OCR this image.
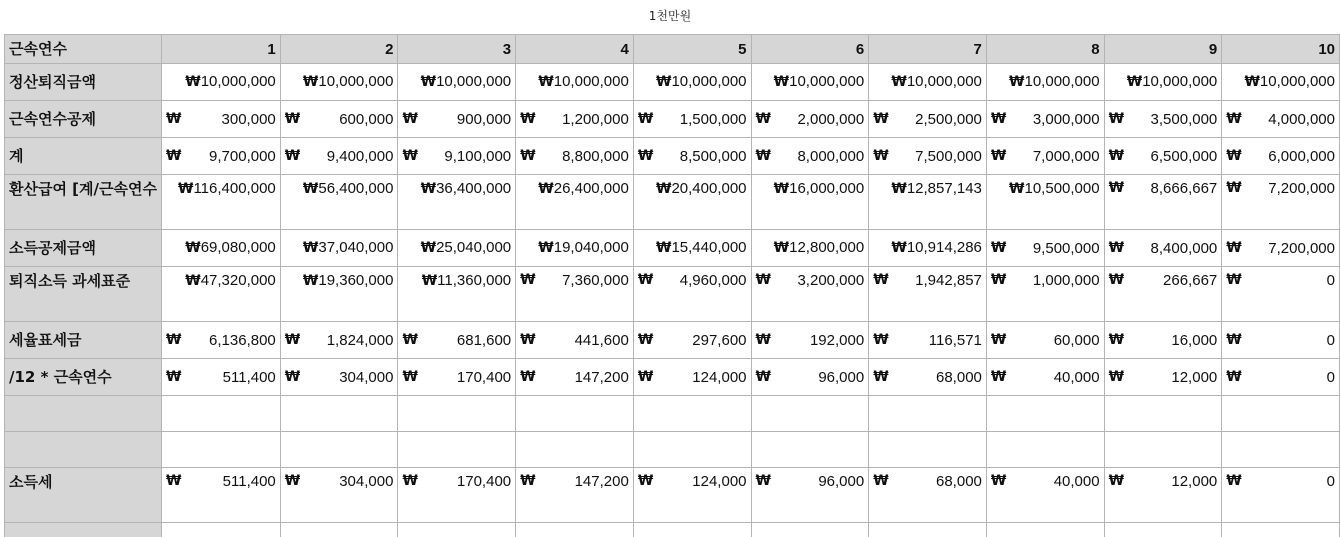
1천만원
근속연수	1	2	3	4	5	6	7	8	9	10
정산퇴직금액	₩10,000,000	₩10,000,000	₩10,000,000	₩10,000,000	₩10,000,000	₩10,000,000	₩10,000,000	₩10,000,000	₩10,000,000	₩10,000,000
근속연수공제	₩ 300,000	₩ 600,000	₩ 900,000	₩ 1,200,000	₩ 1,500,000	₩ 2,000,000	₩ 2,500,000	₩ 3,000,000	₩ 3,500,000	₩ 4,000,000
계	₩ 9,700,000	₩ 9,400,000	₩ 9,100,000	₩ 8,800,000	₩ 8,500,000	₩ 8,000,000	₩ 7,500,000	₩ 7,000,000	₩ 6,500,000	₩ 6,000,000
환산급여 [계/근속연수	₩116,400,000	₩56,400,000	₩36,400,000	₩26,400,000	₩20,400,000	₩16,000,000	₩12,857,143	₩10,500,000	₩ 8,666,667	₩ 7,200,000
소득공제금액	₩69,080,000	₩37,040,000	₩25,040,000	₩19,040,000	₩15,440,000	₩12,800,000	₩10,914,286	₩ 9,500,000	₩ 8,400,000	₩ 7,200,000
퇴직소득 과세표준	₩47,320,000	₩19,360,000	₩11,360,000	₩ 7,360,000	₩ 4,960,000	₩ 3,200,000	₩ 1,942,857	₩ 1,000,000	₩ 266,667	₩ 0
세율표세금	₩ 6,136,800	₩ 1,824,000	₩ 681,600	₩ 441,600	₩ 297,600	₩ 192,000	₩ 116,571	₩ 60,000	₩ 16,000	₩ 0
/12 * 근속연수	₩ 511,400	₩ 304,000	₩ 170,400	₩ 147,200	₩ 124,000	₩ 96,000	₩ 68,000	₩ 40,000	₩ 12,000	₩ 0

소득세	₩ 511,400	₩ 304,000	₩ 170,400	₩ 147,200	₩ 124,000	₩ 96,000	₩ 68,000	₩ 40,000	₩ 12,000	₩ 0
